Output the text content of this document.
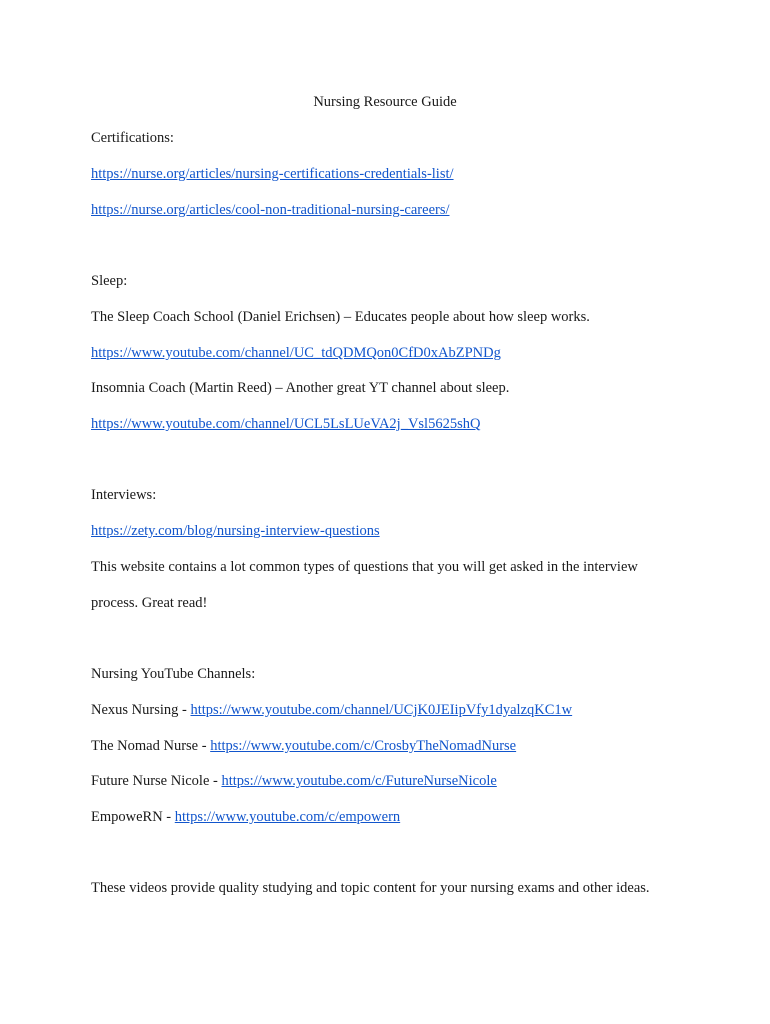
Nursing Resource Guide
Certifications:
https://nurse.org/articles/nursing-certifications-credentials-list/
https://nurse.org/articles/cool-non-traditional-nursing-careers/
Sleep:
The Sleep Coach School (Daniel Erichsen) – Educates people about how sleep works.
https://www.youtube.com/channel/UC_tdQDMQon0CfD0xAbZPNDg
Insomnia Coach (Martin Reed) – Another great YT channel about sleep.
https://www.youtube.com/channel/UCL5LsLUeVA2j_Vsl5625shQ
Interviews:
https://zety.com/blog/nursing-interview-questions
This website contains a lot common types of questions that you will get asked in the interview
process. Great read!
Nursing YouTube Channels:
Nexus Nursing - https://www.youtube.com/channel/UCjK0JEIipVfy1dyalzqKC1w
The Nomad Nurse - https://www.youtube.com/c/CrosbyTheNomadNurse
Future Nurse Nicole - https://www.youtube.com/c/FutureNurseNicole
EmpoweRN - https://www.youtube.com/c/empowern
These videos provide quality studying and topic content for your nursing exams and other ideas.
